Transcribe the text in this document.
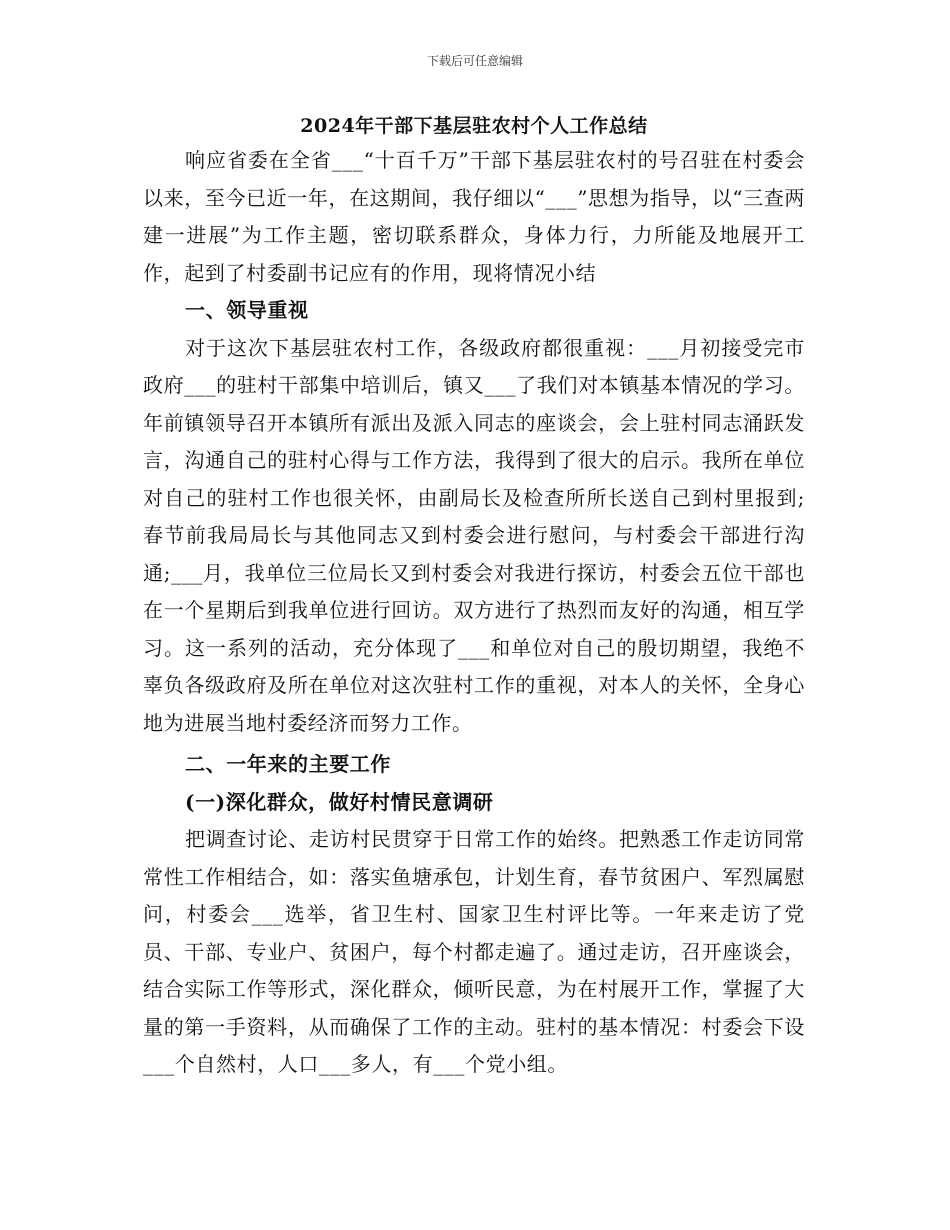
下载后可任意编辑
2024年干部下基层驻农村个人工作总结

响应省委在全省___“十百千万”干部下基层驻农村的号召驻在村委会以来，至今已近一年，在这期间，我仔细以“___”思想为指导，以“三查两建一进展”为工作主题，密切联系群众，身体力行，力所能及地展开工作，起到了村委副书记应有的作用，现将情况小结

一、领导重视

对于这次下基层驻农村工作，各级政府都很重视：___月初接受完市政府___的驻村干部集中培训后，镇又___了我们对本镇基本情况的学习。年前镇领导召开本镇所有派出及派入同志的座谈会，会上驻村同志涌跃发言，沟通自己的驻村心得与工作方法，我得到了很大的启示。我所在单位对自己的驻村工作也很关怀，由副局长及检查所所长送自己到村里报到;春节前我局局长与其他同志又到村委会进行慰问，与村委会干部进行沟通;___月，我单位三位局长又到村委会对我进行探访，村委会五位干部也在一个星期后到我单位进行回访。双方进行了热烈而友好的沟通，相互学习。这一系列的活动，充分体现了___和单位对自己的殷切期望，我绝不辜负各级政府及所在单位对这次驻村工作的重视，对本人的关怀，全身心地为进展当地村委经济而努力工作。

二、一年来的主要工作

(一)深化群众，做好村情民意调研

把调查讨论、走访村民贯穿于日常工作的始终。把熟悉工作走访同常常性工作相结合，如：落实鱼塘承包，计划生育，春节贫困户、军烈属慰问，村委会___选举，省卫生村、国家卫生村评比等。一年来走访了党员、干部、专业户、贫困户，每个村都走遍了。通过走访，召开座谈会，结合实际工作等形式，深化群众，倾听民意，为在村展开工作，掌握了大量的第一手资料，从而确保了工作的主动。驻村的基本情况：村委会下设___个自然村，人口___多人，有___个党小组。
